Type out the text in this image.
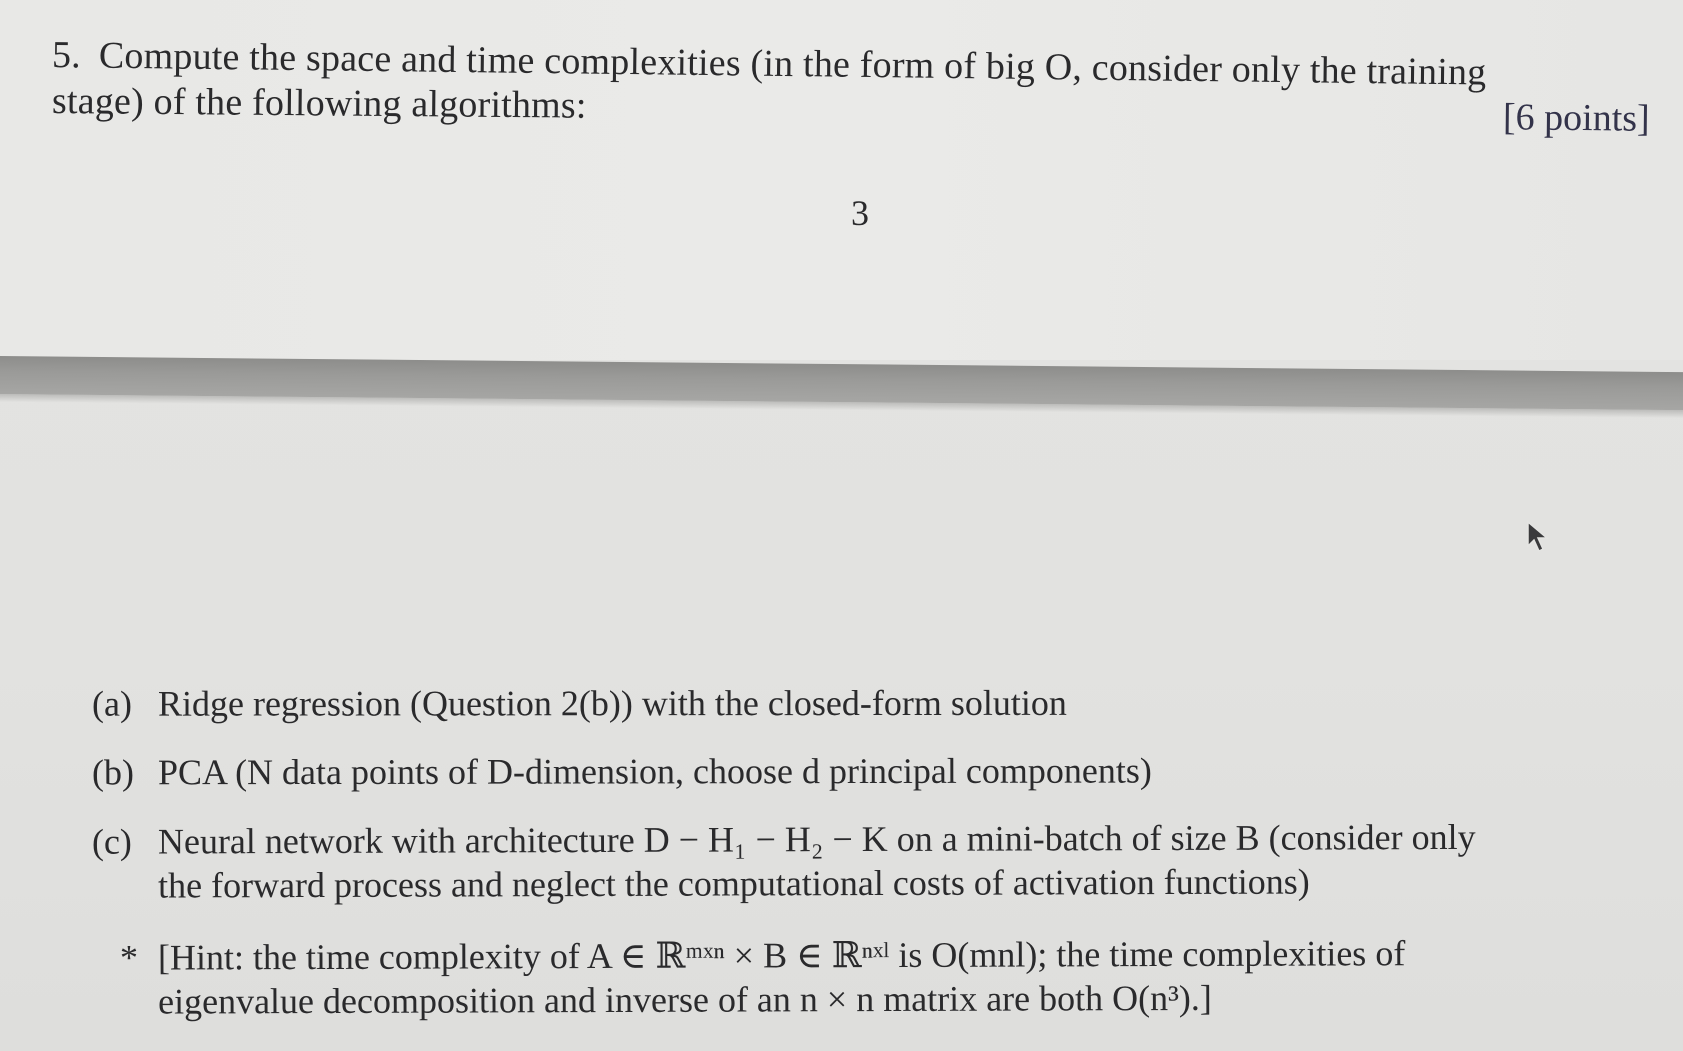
5. Compute the space and time complexities (in the form of big O, consider only the training
stage) of the following algorithms:	[6 points]
3
(a) Ridge regression (Question 2(b)) with the closed-form solution
(b) PCA (N data points of D-dimension, choose d principal components)
(c) Neural network with architecture D − H₁ − H₂ − K on a mini-batch of size B (consider only
the forward process and neglect the computational costs of activation functions)
* [Hint: the time complexity of A ∈ ℝᵐˣⁿ × B ∈ ℝⁿˣˡ is O(mnl); the time complexities of
eigenvalue decomposition and inverse of an n × n matrix are both O(n³).]
